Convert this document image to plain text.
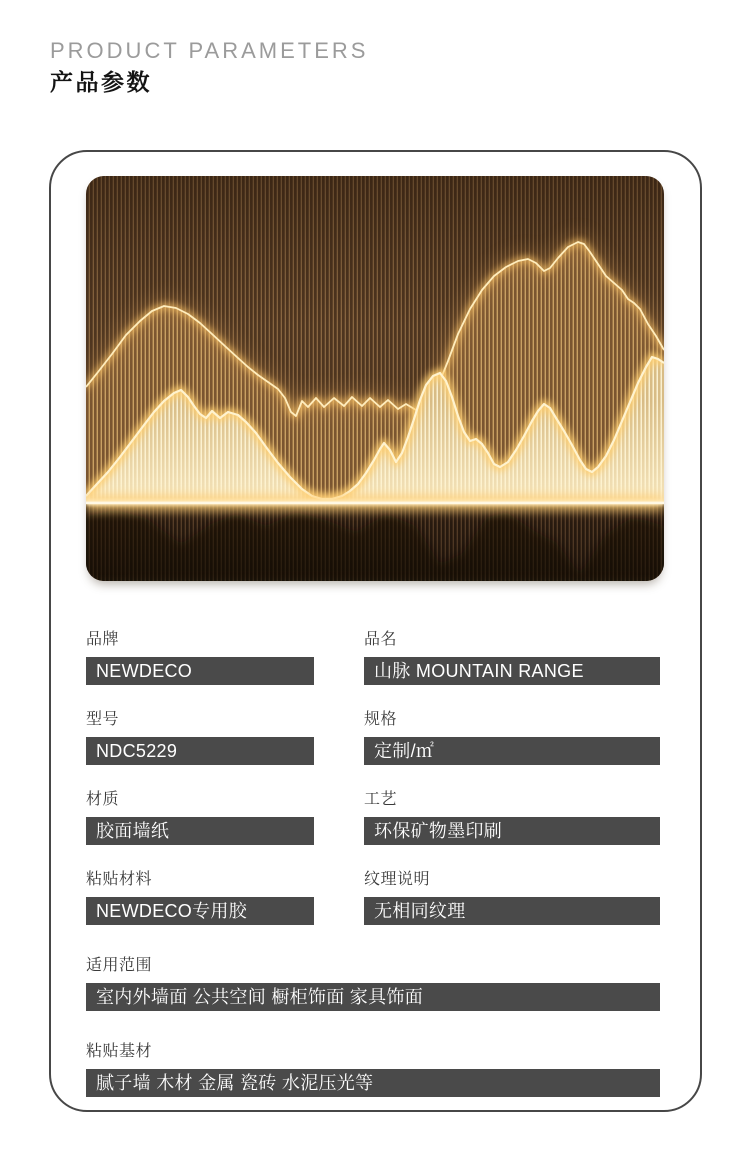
PRODUCT PARAMETERS
产品参数
品牌
NEWDECO
品名
山脉 MOUNTAIN RANGE
型号
NDC5229
规格
定制/㎡
材质
胶面墙纸
工艺
环保矿物墨印刷
粘贴材料
NEWDECO专用胶
纹理说明
无相同纹理
适用范围
室内外墙面 公共空间 橱柜饰面 家具饰面
粘贴基材
腻子墙 木材 金属 瓷砖 水泥压光等
